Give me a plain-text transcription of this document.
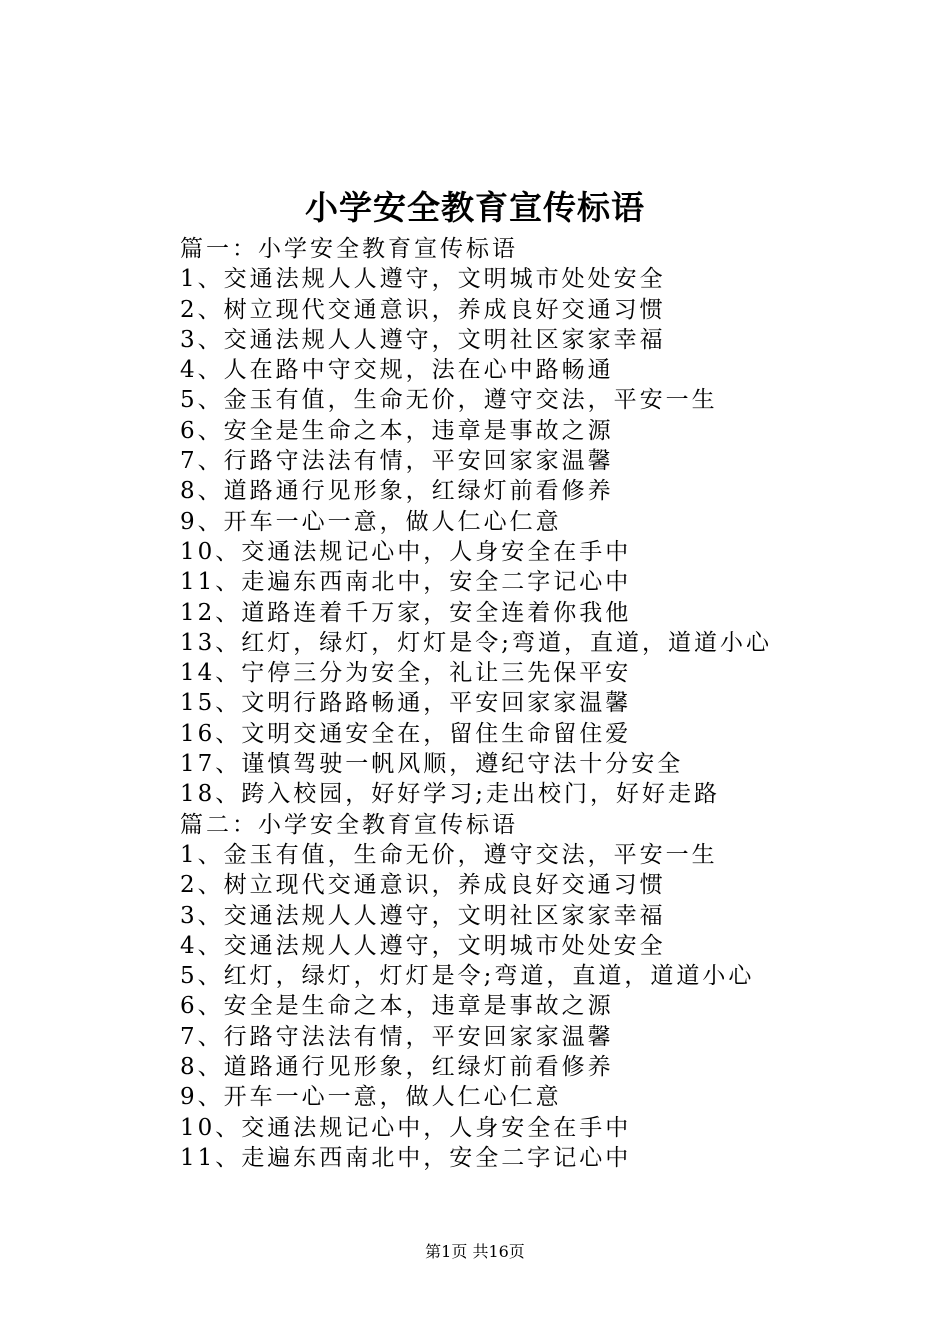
小学安全教育宣传标语
篇一：小学安全教育宣传标语
1、交通法规人人遵守，文明城市处处安全
2、树立现代交通意识，养成良好交通习惯
3、交通法规人人遵守，文明社区家家幸福
4、人在路中守交规，法在心中路畅通
5、金玉有值，生命无价，遵守交法，平安一生
6、安全是生命之本，违章是事故之源
7、行路守法法有情，平安回家家温馨
8、道路通行见形象，红绿灯前看修养
9、开车一心一意，做人仁心仁意
10、交通法规记心中，人身安全在手中
11、走遍东西南北中，安全二字记心中
12、道路连着千万家，安全连着你我他
13、红灯，绿灯，灯灯是令;弯道，直道，道道小心
14、宁停三分为安全，礼让三先保平安
15、文明行路路畅通，平安回家家温馨
16、文明交通安全在，留住生命留住爱
17、谨慎驾驶一帆风顺，遵纪守法十分安全
18、跨入校园，好好学习;走出校门，好好走路
篇二：小学安全教育宣传标语
1、金玉有值，生命无价，遵守交法，平安一生
2、树立现代交通意识，养成良好交通习惯
3、交通法规人人遵守，文明社区家家幸福
4、交通法规人人遵守，文明城市处处安全
5、红灯，绿灯，灯灯是令;弯道，直道，道道小心
6、安全是生命之本，违章是事故之源
7、行路守法法有情，平安回家家温馨
8、道路通行见形象，红绿灯前看修养
9、开车一心一意，做人仁心仁意
10、交通法规记心中，人身安全在手中
11、走遍东西南北中，安全二字记心中
第1页 共16页
